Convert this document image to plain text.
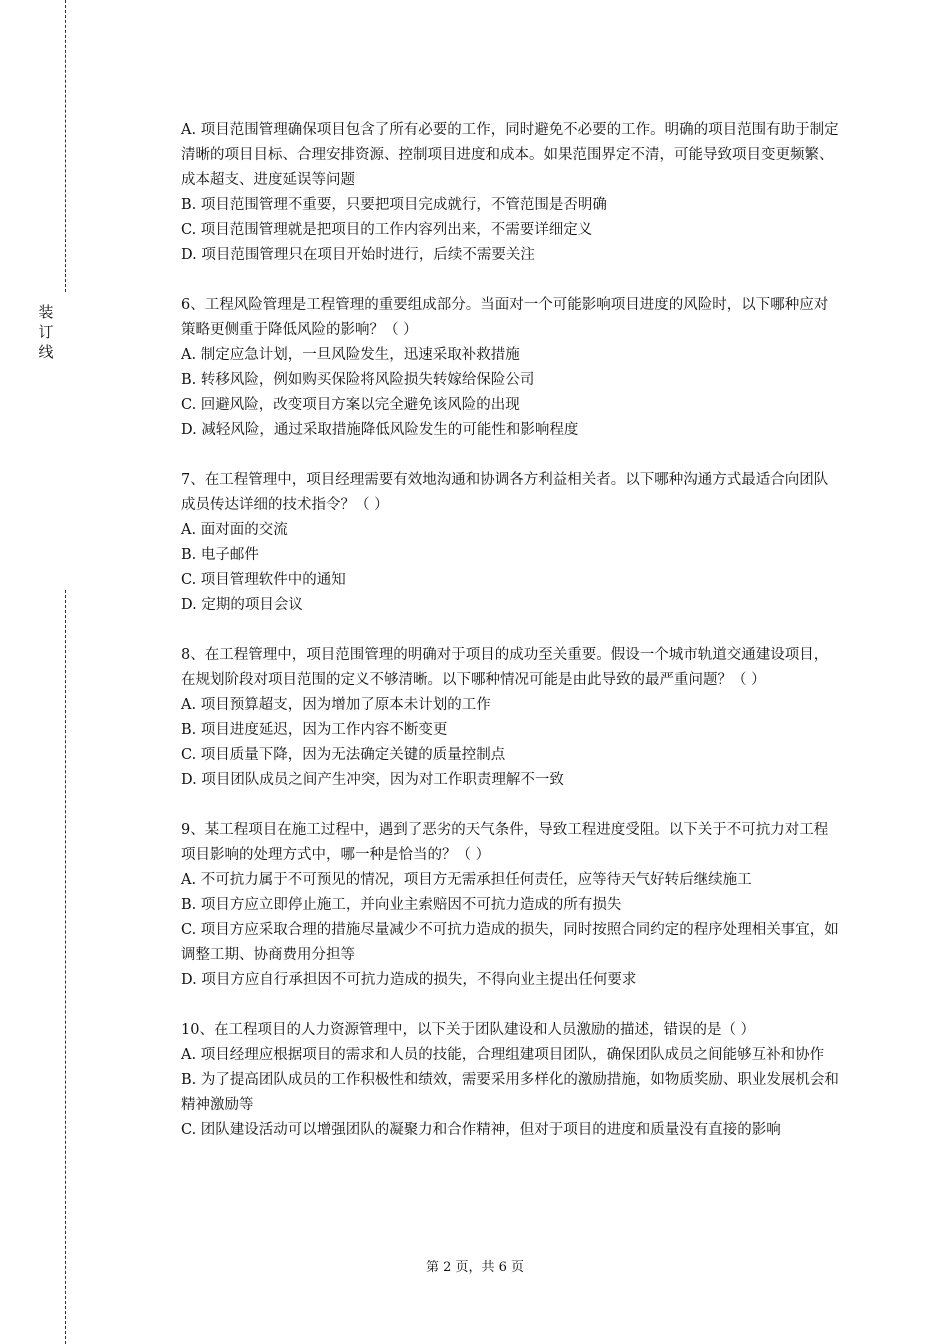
装订线

A. 项目范围管理确保项目包含了所有必要的工作，同时避免不必要的工作。明确的项目范围有助于制定清晰的项目目标、合理安排资源、控制项目进度和成本。如果范围界定不清，可能导致项目变更频繁、成本超支、进度延误等问题

B. 项目范围管理不重要，只要把项目完成就行，不管范围是否明确

C. 项目范围管理就是把项目的工作内容列出来，不需要详细定义

D. 项目范围管理只在项目开始时进行，后续不需要关注

6、工程风险管理是工程管理的重要组成部分。当面对一个可能影响项目进度的风险时，以下哪种应对策略更侧重于降低风险的影响？（ ）

A. 制定应急计划，一旦风险发生，迅速采取补救措施

B. 转移风险，例如购买保险将风险损失转嫁给保险公司

C. 回避风险，改变项目方案以完全避免该风险的出现

D. 减轻风险，通过采取措施降低风险发生的可能性和影响程度

7、在工程管理中，项目经理需要有效地沟通和协调各方利益相关者。以下哪种沟通方式最适合向团队成员传达详细的技术指令？（ ）

A. 面对面的交流

B. 电子邮件

C. 项目管理软件中的通知

D. 定期的项目会议

8、在工程管理中，项目范围管理的明确对于项目的成功至关重要。假设一个城市轨道交通建设项目，在规划阶段对项目范围的定义不够清晰。以下哪种情况可能是由此导致的最严重问题？（ ）

A. 项目预算超支，因为增加了原本未计划的工作

B. 项目进度延迟，因为工作内容不断变更

C. 项目质量下降，因为无法确定关键的质量控制点

D. 项目团队成员之间产生冲突，因为对工作职责理解不一致

9、某工程项目在施工过程中，遇到了恶劣的天气条件，导致工程进度受阻。以下关于不可抗力对工程项目影响的处理方式中，哪一种是恰当的？（ ）

A. 不可抗力属于不可预见的情况，项目方无需承担任何责任，应等待天气好转后继续施工

B. 项目方应立即停止施工，并向业主索赔因不可抗力造成的所有损失

C. 项目方应采取合理的措施尽量减少不可抗力造成的损失，同时按照合同约定的程序处理相关事宜，如调整工期、协商费用分担等

D. 项目方应自行承担因不可抗力造成的损失，不得向业主提出任何要求

10、在工程项目的人力资源管理中，以下关于团队建设和人员激励的描述，错误的是（ ）

A. 项目经理应根据项目的需求和人员的技能，合理组建项目团队，确保团队成员之间能够互补和协作

B. 为了提高团队成员的工作积极性和绩效，需要采用多样化的激励措施，如物质奖励、职业发展机会和精神激励等

C. 团队建设活动可以增强团队的凝聚力和合作精神，但对于项目的进度和质量没有直接的影响

第 2 页，共 6 页
